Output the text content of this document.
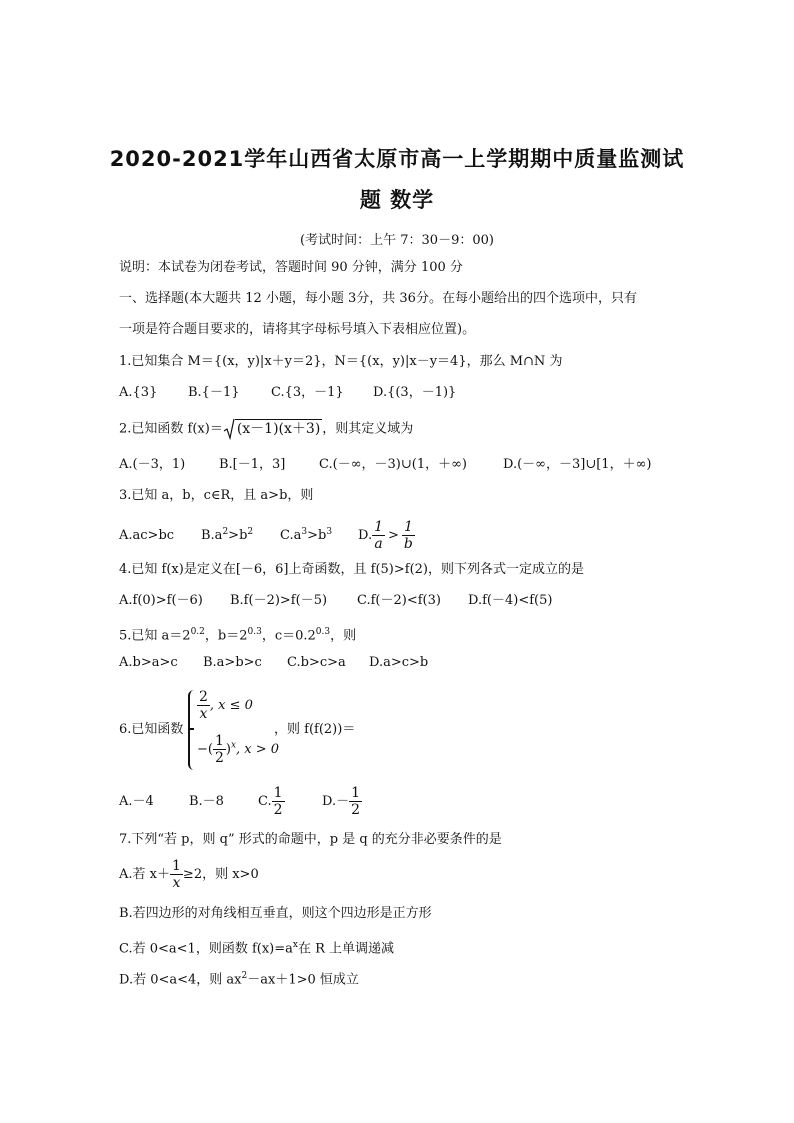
2020-2021学年山西省太原市高一上学期期中质量监测试
题 数学
(考试时间：上午 7：30－9：00)
说明：本试卷为闭卷考试，答题时间 90 分钟，满分 100 分
一、选择题(本大题共 12 小题，每小题 3分，共 36分。在每小题给出的四个选项中，只有
一项是符合题目要求的，请将其字母标号填入下表相应位置)。
1.已知集合 M＝{(x，y)|x＋y＝2}，N＝{(x，y)|x－y＝4}，那么 M∩N 为
A.{3} B.{－1} C.{3，－1} D.{(3，－1)}
2.已知函数 f(x)＝ (x－1)(x＋3) ，则其定义域为
A.(－3，1)	B.[－1，3]	C.(－∞，－3)∪(1，＋∞)	D.(－∞，－3]∪[1，＋∞)
3.已知 a，b，c∈R，且 a>b，则
A.ac>bc $B.a^2>b^2$ $C.a^3>b^3$ D. $\frac{1}{a} > \frac{1}{b}$
4.已知 f(x)是定义在[－6，6]上奇函数，且 f(5)>f(2)，则下列各式一定成立的是
A.f(0)>f(－6) B.f(－2)>f(－5) C.f(－2)<f(3) D.f(－4)<f(5)
5.已知 $a=2^{0.2}$，$b=2^{0.3}$，$c=0.2^{0.3}$，则
A.b>a>c B.a>b>c C.b>c>a D.a>c>b
6.已知函数
$\frac{2}{x}$ , x ≤ 0
−( $\frac{1}{2} )^x$, x > 0
，则 f(f(2))＝
A.－4	B.－8	C. $\frac{1}{2}$	$D.- \frac{1}{2}$
7.下列“若 p，则 q” 形式的命题中，p 是 q 的充分非必要条件的是
A.若 $x+ \frac{1}{x} \ge 2$，则 x>0
B.若四边形的对角线相互垂直，则这个四边形是正方形
C.若 0<a<1，则函数 $f(x)=a^x$在 R 上单调递减
D.若 0<a<4，则 $ax^2-ax+1>0$ 恒成立
